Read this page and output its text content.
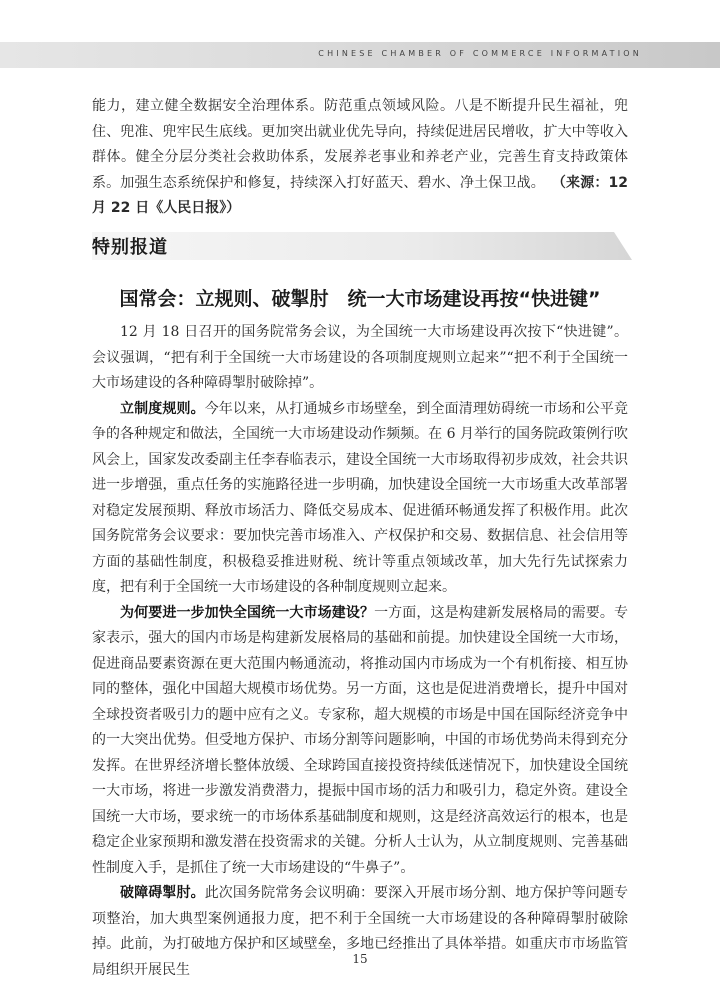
CHINESE CHAMBER OF COMMERCE INFORMATION

能力，建立健全数据安全治理体系。防范重点领域风险。八是不断提升民生福祉，兜住、兜准、兜牢民生底线。更加突出就业优先导向，持续促进居民增收，扩大中等收入群体。健全分层分类社会救助体系，发展养老事业和养老产业，完善生育支持政策体系。加强生态系统保护和修复，持续深入打好蓝天、碧水、净土保卫战。 （来源：12 月 22 日《人民日报》）

特别报道
国常会：立规则、破掣肘　统一大市场建设再按“快进键”

12 月 18 日召开的国务院常务会议，为全国统一大市场建设再次按下“快进键”。会议强调，“把有利于全国统一大市场建设的各项制度规则立起来”“把不利于全国统一大市场建设的各种障碍掣肘破除掉”。

立制度规则。今年以来，从打通城乡市场壁垒，到全面清理妨碍统一市场和公平竞争的各种规定和做法，全国统一大市场建设动作频频。在 6 月举行的国务院政策例行吹风会上，国家发改委副主任李春临表示，建设全国统一大市场取得初步成效，社会共识进一步增强，重点任务的实施路径进一步明确，加快建设全国统一大市场重大改革部署对稳定发展预期、释放市场活力、降低交易成本、促进循环畅通发挥了积极作用。此次国务院常务会议要求：要加快完善市场准入、产权保护和交易、数据信息、社会信用等方面的基础性制度，积极稳妥推进财税、统计等重点领域改革，加大先行先试探索力度，把有利于全国统一大市场建设的各种制度规则立起来。

为何要进一步加快全国统一大市场建设？一方面，这是构建新发展格局的需要。专家表示，强大的国内市场是构建新发展格局的基础和前提。加快建设全国统一大市场，促进商品要素资源在更大范围内畅通流动，将推动国内市场成为一个有机衔接、相互协同的整体，强化中国超大规模市场优势。另一方面，这也是促进消费增长，提升中国对全球投资者吸引力的题中应有之义。专家称，超大规模的市场是中国在国际经济竞争中的一大突出优势。但受地方保护、市场分割等问题影响，中国的市场优势尚未得到充分发挥。在世界经济增长整体放缓、全球跨国直接投资持续低迷情况下，加快建设全国统一大市场，将进一步激发消费潜力，提振中国市场的活力和吸引力，稳定外资。建设全国统一大市场，要求统一的市场体系基础制度和规则，这是经济高效运行的根本，也是稳定企业家预期和激发潜在投资需求的关键。分析人士认为，从立制度规则、完善基础性制度入手，是抓住了统一大市场建设的“牛鼻子”。

破障碍掣肘。此次国务院常务会议明确：要深入开展市场分割、地方保护等问题专项整治，加大典型案例通报力度，把不利于全国统一大市场建设的各种障碍掣肘破除掉。此前，为打破地方保护和区域壁垒，多地已经推出了具体举措。如重庆市市场监管局组织开展民生

15
